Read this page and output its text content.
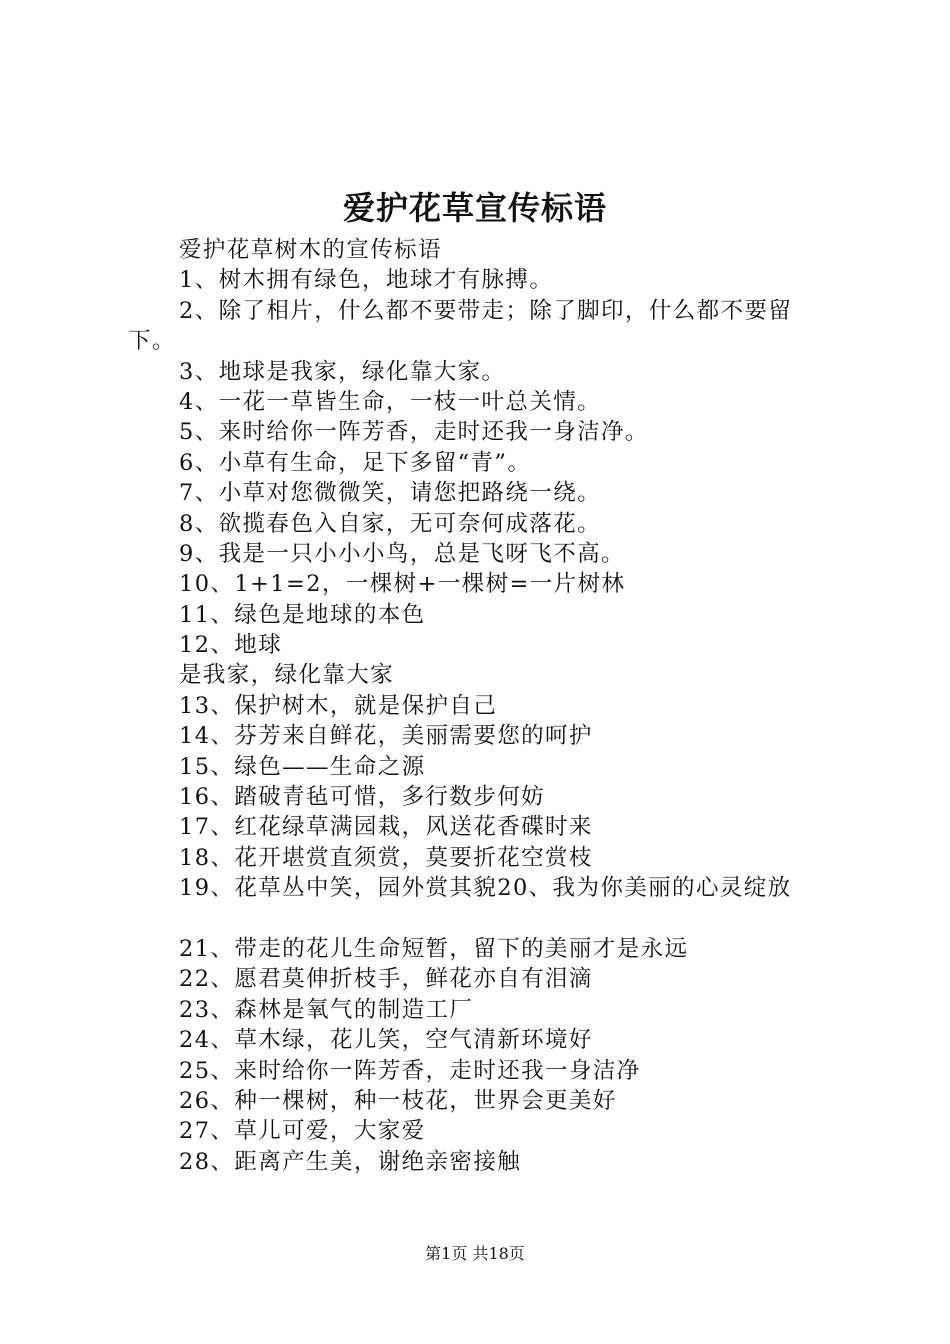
爱护花草宣传标语
爱护花草树木的宣传标语
1、树木拥有绿色，地球才有脉搏。
2、除了相片，什么都不要带走；除了脚印，什么都不要留
下。
3、地球是我家，绿化靠大家。
4、一花一草皆生命，一枝一叶总关情。
5、来时给你一阵芳香，走时还我一身洁净。
6、小草有生命，足下多留“青”。
7、小草对您微微笑，请您把路绕一绕。
8、欲揽春色入自家，无可奈何成落花。
9、我是一只小小小鸟，总是飞呀飞不高。
10、1+1=2，一棵树+一棵树=一片树林
11、绿色是地球的本色
12、地球
是我家，绿化靠大家
13、保护树木，就是保护自己
14、芬芳来自鲜花，美丽需要您的呵护
15、绿色——生命之源
16、踏破青毡可惜，多行数步何妨
17、红花绿草满园栽，风送花香碟时来
18、花开堪赏直须赏，莫要折花空赏枝
19、花草丛中笑，园外赏其貌20、我为你美丽的心灵绽放
21、带走的花儿生命短暂，留下的美丽才是永远
22、愿君莫伸折枝手，鲜花亦自有泪滴
23、森林是氧气的制造工厂
24、草木绿，花儿笑，空气清新环境好
25、来时给你一阵芳香，走时还我一身洁净
26、种一棵树，种一枝花，世界会更美好
27、草儿可爱，大家爱
28、距离产生美，谢绝亲密接触
第1页 共18页
